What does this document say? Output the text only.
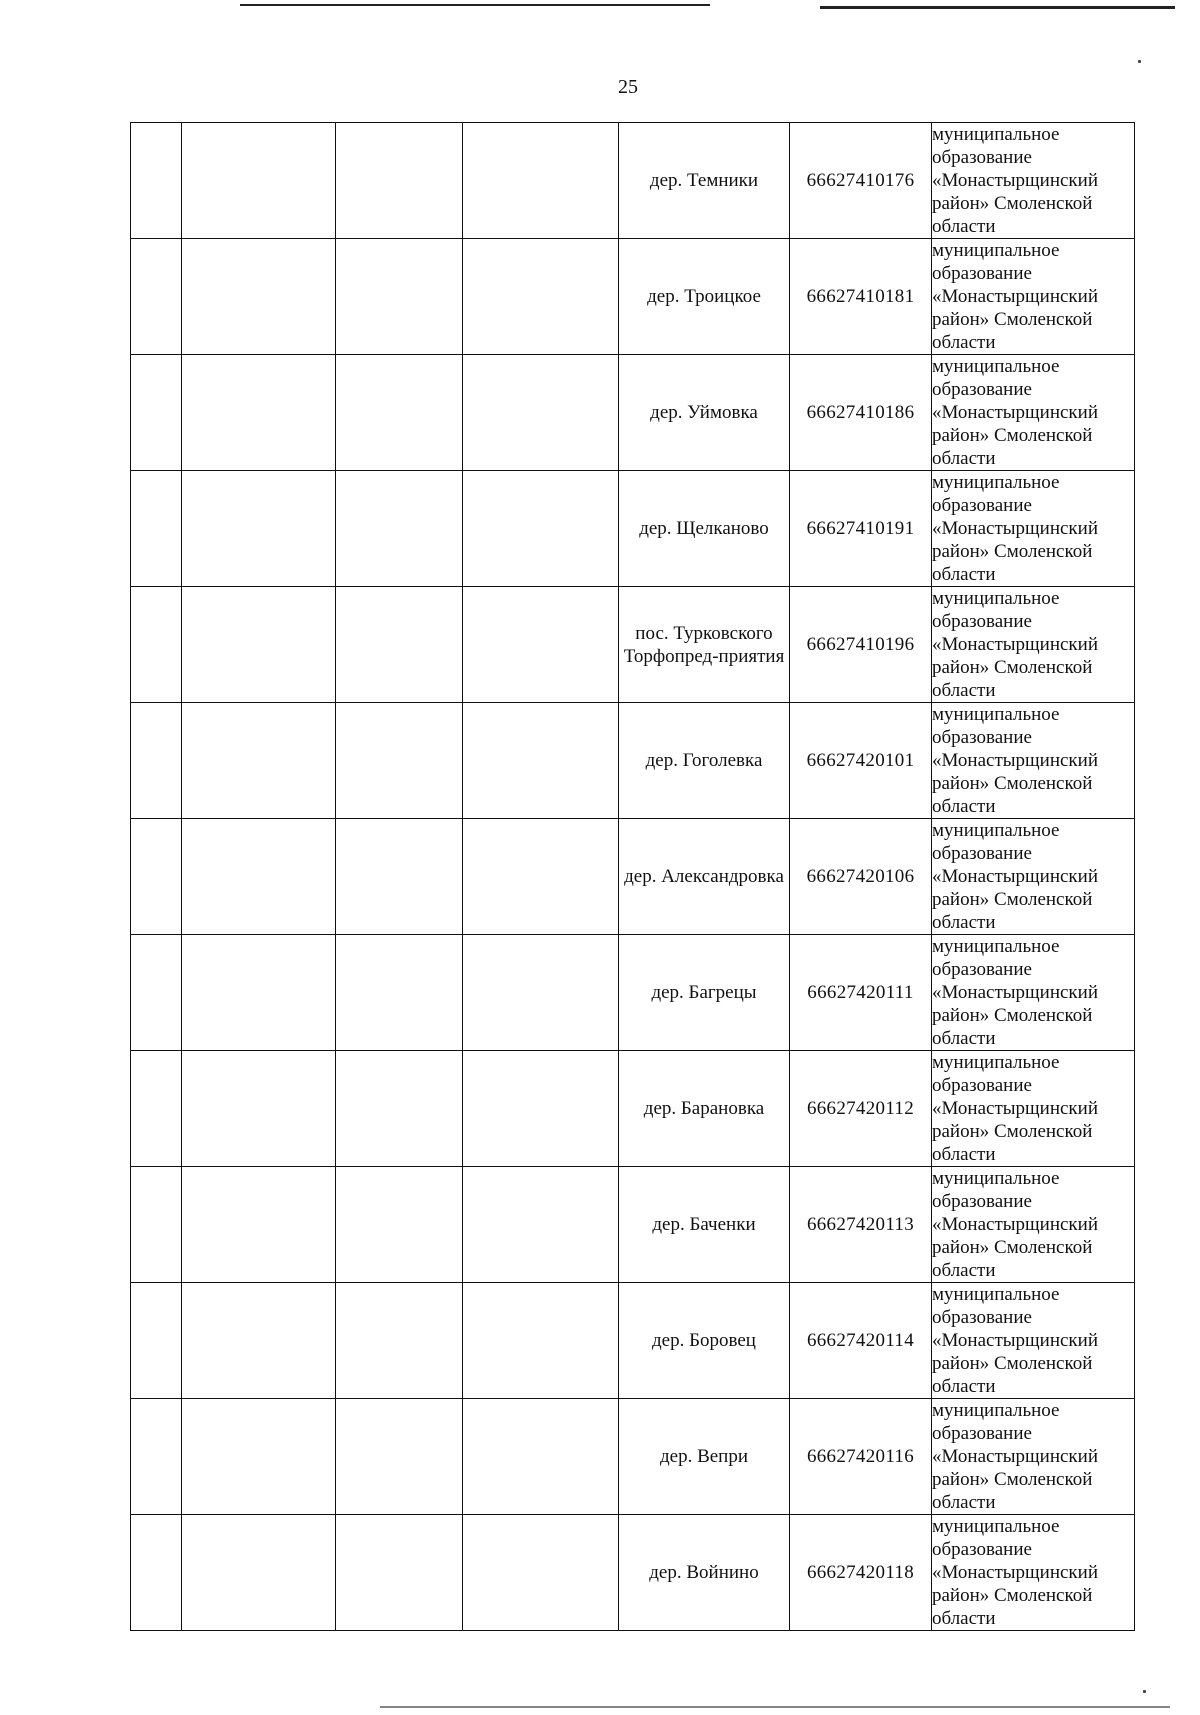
25
				дер. Темники	66627410176	муниципальное образование «Монастырщинский район» Смоленской области
				дер. Троицкое	66627410181	муниципальное образование «Монастырщинский район» Смоленской области
				дер. Уймовка	66627410186	муниципальное образование «Монастырщинский район» Смоленской области
				дер. Щелканово	66627410191	муниципальное образование «Монастырщинский район» Смоленской области
				пос. Турковского Торфопред-приятия	66627410196	муниципальное образование «Монастырщинский район» Смоленской области
				дер. Гоголевка	66627420101	муниципальное образование «Монастырщинский район» Смоленской области
				дер. Александровка	66627420106	муниципальное образование «Монастырщинский район» Смоленской области
				дер. Багрецы	66627420111	муниципальное образование «Монастырщинский район» Смоленской области
				дер. Барановка	66627420112	муниципальное образование «Монастырщинский район» Смоленской области
				дер. Баченки	66627420113	муниципальное образование «Монастырщинский район» Смоленской области
				дер. Боровец	66627420114	муниципальное образование «Монастырщинский район» Смоленской области
				дер. Вепри	66627420116	муниципальное образование «Монастырщинский район» Смоленской области
				дер. Войнино	66627420118	муниципальное образование «Монастырщинский район» Смоленской области
